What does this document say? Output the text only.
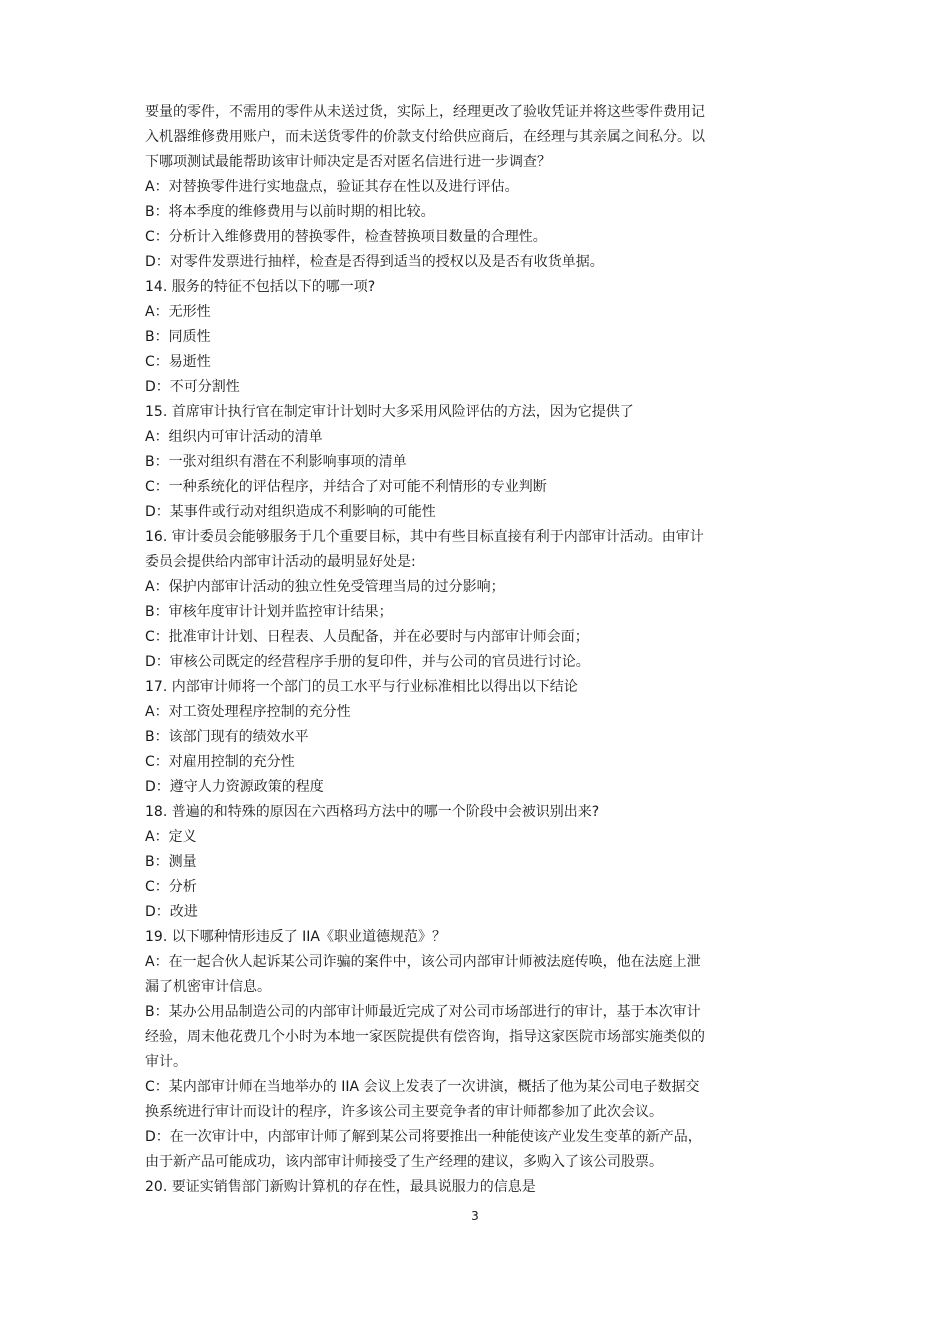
要量的零件，不需用的零件从未送过货，实际上，经理更改了验收凭证并将这些零件费用记
入机器维修费用账户，而未送货零件的价款支付给供应商后，在经理与其亲属之间私分。以
下哪项测试最能帮助该审计师决定是否对匿名信进行进一步调查？
A：对替换零件进行实地盘点，验证其存在性以及进行评估。
B：将本季度的维修费用与以前时期的相比较。
C：分析计入维修费用的替换零件，检查替换项目数量的合理性。
D：对零件发票进行抽样，检查是否得到适当的授权以及是否有收货单据。
14. 服务的特征不包括以下的哪一项?
A：无形性
B：同质性
C：易逝性
D：不可分割性
15. 首席审计执行官在制定审计计划时大多采用风险评估的方法，因为它提供了
A：组织内可审计活动的清单
B：一张对组织有潜在不利影响事项的清单
C：一种系统化的评估程序，并结合了对可能不利情形的专业判断
D：某事件或行动对组织造成不利影响的可能性
16. 审计委员会能够服务于几个重要目标，其中有些目标直接有利于内部审计活动。由审计
委员会提供给内部审计活动的最明显好处是:
A：保护内部审计活动的独立性免受管理当局的过分影响；
B：审核年度审计计划并监控审计结果；
C：批准审计计划、日程表、人员配备，并在必要时与内部审计师会面；
D：审核公司既定的经营程序手册的复印件，并与公司的官员进行讨论。
17. 内部审计师将一个部门的员工水平与行业标准相比以得出以下结论
A：对工资处理程序控制的充分性
B：该部门现有的绩效水平
C：对雇用控制的充分性
D：遵守人力资源政策的程度
18. 普遍的和特殊的原因在六西格玛方法中的哪一个阶段中会被识别出来?
A：定义
B：测量
C：分析
D：改进
19. 以下哪种情形违反了 IIA《职业道德规范》？
A：在一起合伙人起诉某公司诈骗的案件中，该公司内部审计师被法庭传唤，他在法庭上泄
漏了机密审计信息。
B：某办公用品制造公司的内部审计师最近完成了对公司市场部进行的审计，基于本次审计
经验，周末他花费几个小时为本地一家医院提供有偿咨询，指导这家医院市场部实施类似的
审计。
C：某内部审计师在当地举办的 IIA 会议上发表了一次讲演，概括了他为某公司电子数据交
换系统进行审计而设计的程序，许多该公司主要竞争者的审计师都参加了此次会议。
D：在一次审计中，内部审计师了解到某公司将要推出一种能使该产业发生变革的新产品，
由于新产品可能成功，该内部审计师接受了生产经理的建议，多购入了该公司股票。
20. 要证实销售部门新购计算机的存在性，最具说服力的信息是
3
